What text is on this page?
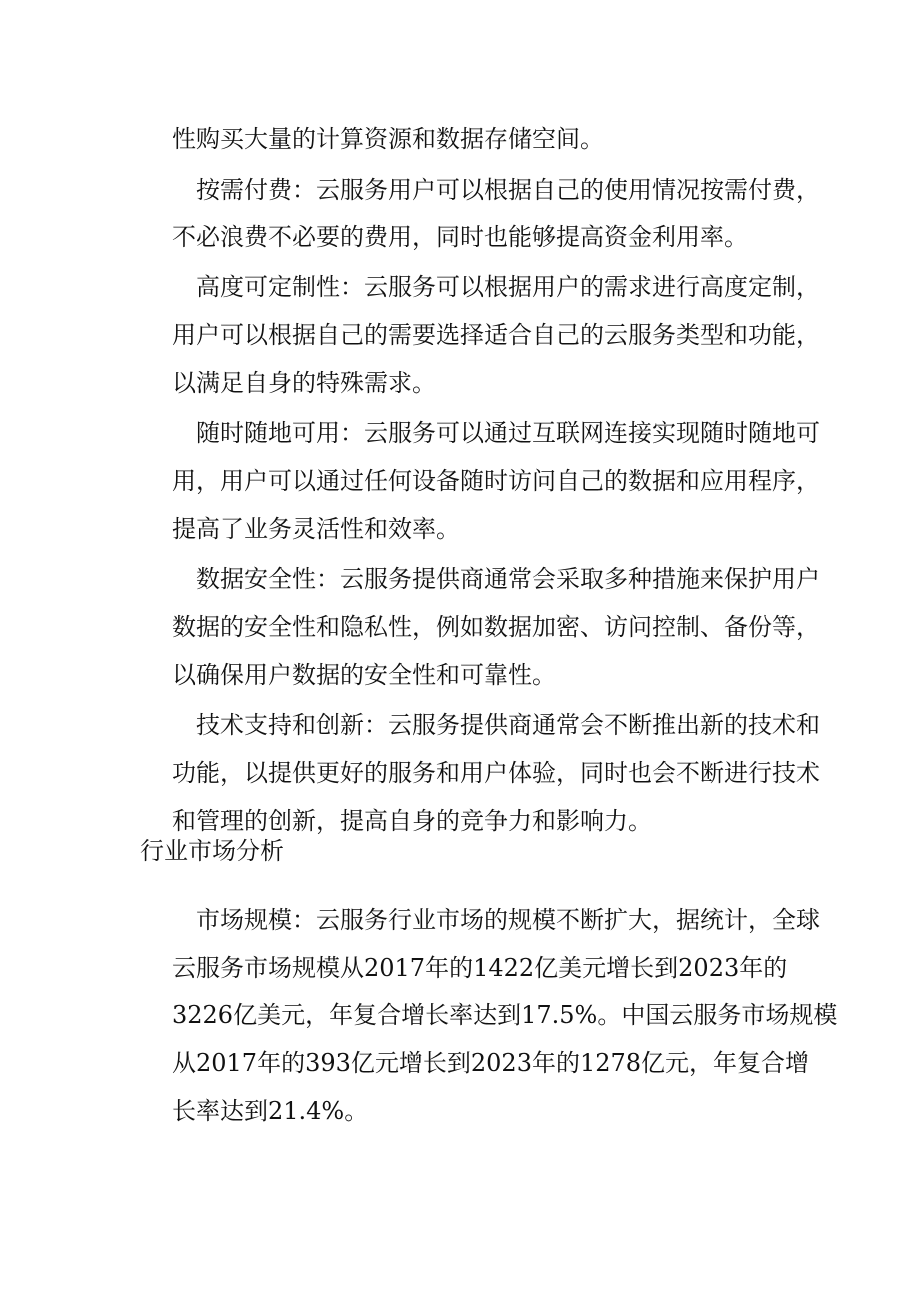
性购买大量的计算资源和数据存储空间。

按需付费：云服务用户可以根据自己的使用情况按需付费，

不必浪费不必要的费用，同时也能够提高资金利用率。

高度可定制性：云服务可以根据用户的需求进行高度定制，

用户可以根据自己的需要选择适合自己的云服务类型和功能，

以满足自身的特殊需求。

随时随地可用：云服务可以通过互联网连接实现随时随地可

用，用户可以通过任何设备随时访问自己的数据和应用程序，

提高了业务灵活性和效率。

数据安全性：云服务提供商通常会采取多种措施来保护用户

数据的安全性和隐私性，例如数据加密、访问控制、备份等，

以确保用户数据的安全性和可靠性。

技术支持和创新：云服务提供商通常会不断推出新的技术和

功能，以提供更好的服务和用户体验，同时也会不断进行技术

和管理的创新，提高自身的竞争力和影响力。

行业市场分析

市场规模：云服务行业市场的规模不断扩大，据统计，全球

云服务市场规模从2017年的1422亿美元增长到2023年的

3226亿美元，年复合增长率达到17.5%。中国云服务市场规模

从2017年的393亿元增长到2023年的1278亿元，年复合增

长率达到21.4%。
